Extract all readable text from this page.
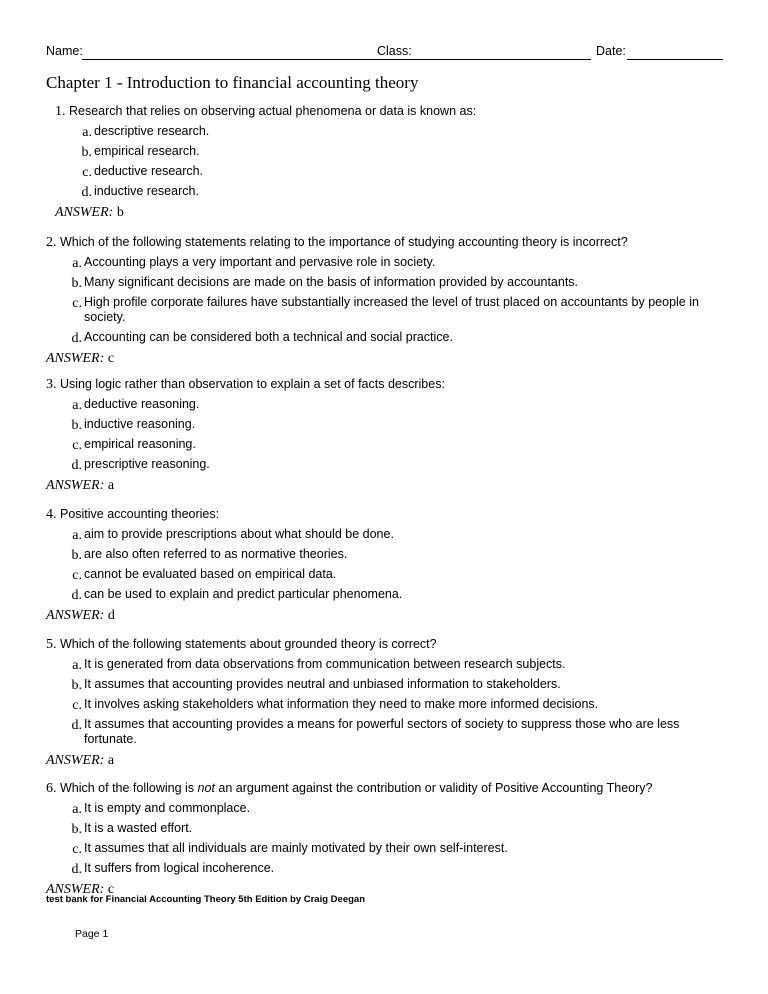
Name:	Class:	Date:
Chapter 1 - Introduction to financial accounting theory
1. Research that relies on observing actual phenomena or data is known as:
a. descriptive research.
b. empirical research.
c. deductive research.
d. inductive research.
ANSWER: b
2. Which of the following statements relating to the importance of studying accounting theory is incorrect?
a. Accounting plays a very important and pervasive role in society.
b. Many significant decisions are made on the basis of information provided by accountants.
c. High profile corporate failures have substantially increased the level of trust placed on accountants by people in society.
d. Accounting can be considered both a technical and social practice.
ANSWER: c
3. Using logic rather than observation to explain a set of facts describes:
a. deductive reasoning.
b. inductive reasoning.
c. empirical reasoning.
d. prescriptive reasoning.
ANSWER: a
4. Positive accounting theories:
a. aim to provide prescriptions about what should be done.
b. are also often referred to as normative theories.
c. cannot be evaluated based on empirical data.
d. can be used to explain and predict particular phenomena.
ANSWER: d
5. Which of the following statements about grounded theory is correct?
a. It is generated from data observations from communication between research subjects.
b. It assumes that accounting provides neutral and unbiased information to stakeholders.
c. It involves asking stakeholders what information they need to make more informed decisions.
d. It assumes that accounting provides a means for powerful sectors of society to suppress those who are less fortunate.
ANSWER: a
6. Which of the following is not an argument against the contribution or validity of Positive Accounting Theory?
a. It is empty and commonplace.
b. It is a wasted effort.
c. It assumes that all individuals are mainly motivated by their own self-interest.
d. It suffers from logical incoherence.
ANSWER: c
test bank for Financial Accounting Theory 5th Edition by Craig Deegan
Page 1
